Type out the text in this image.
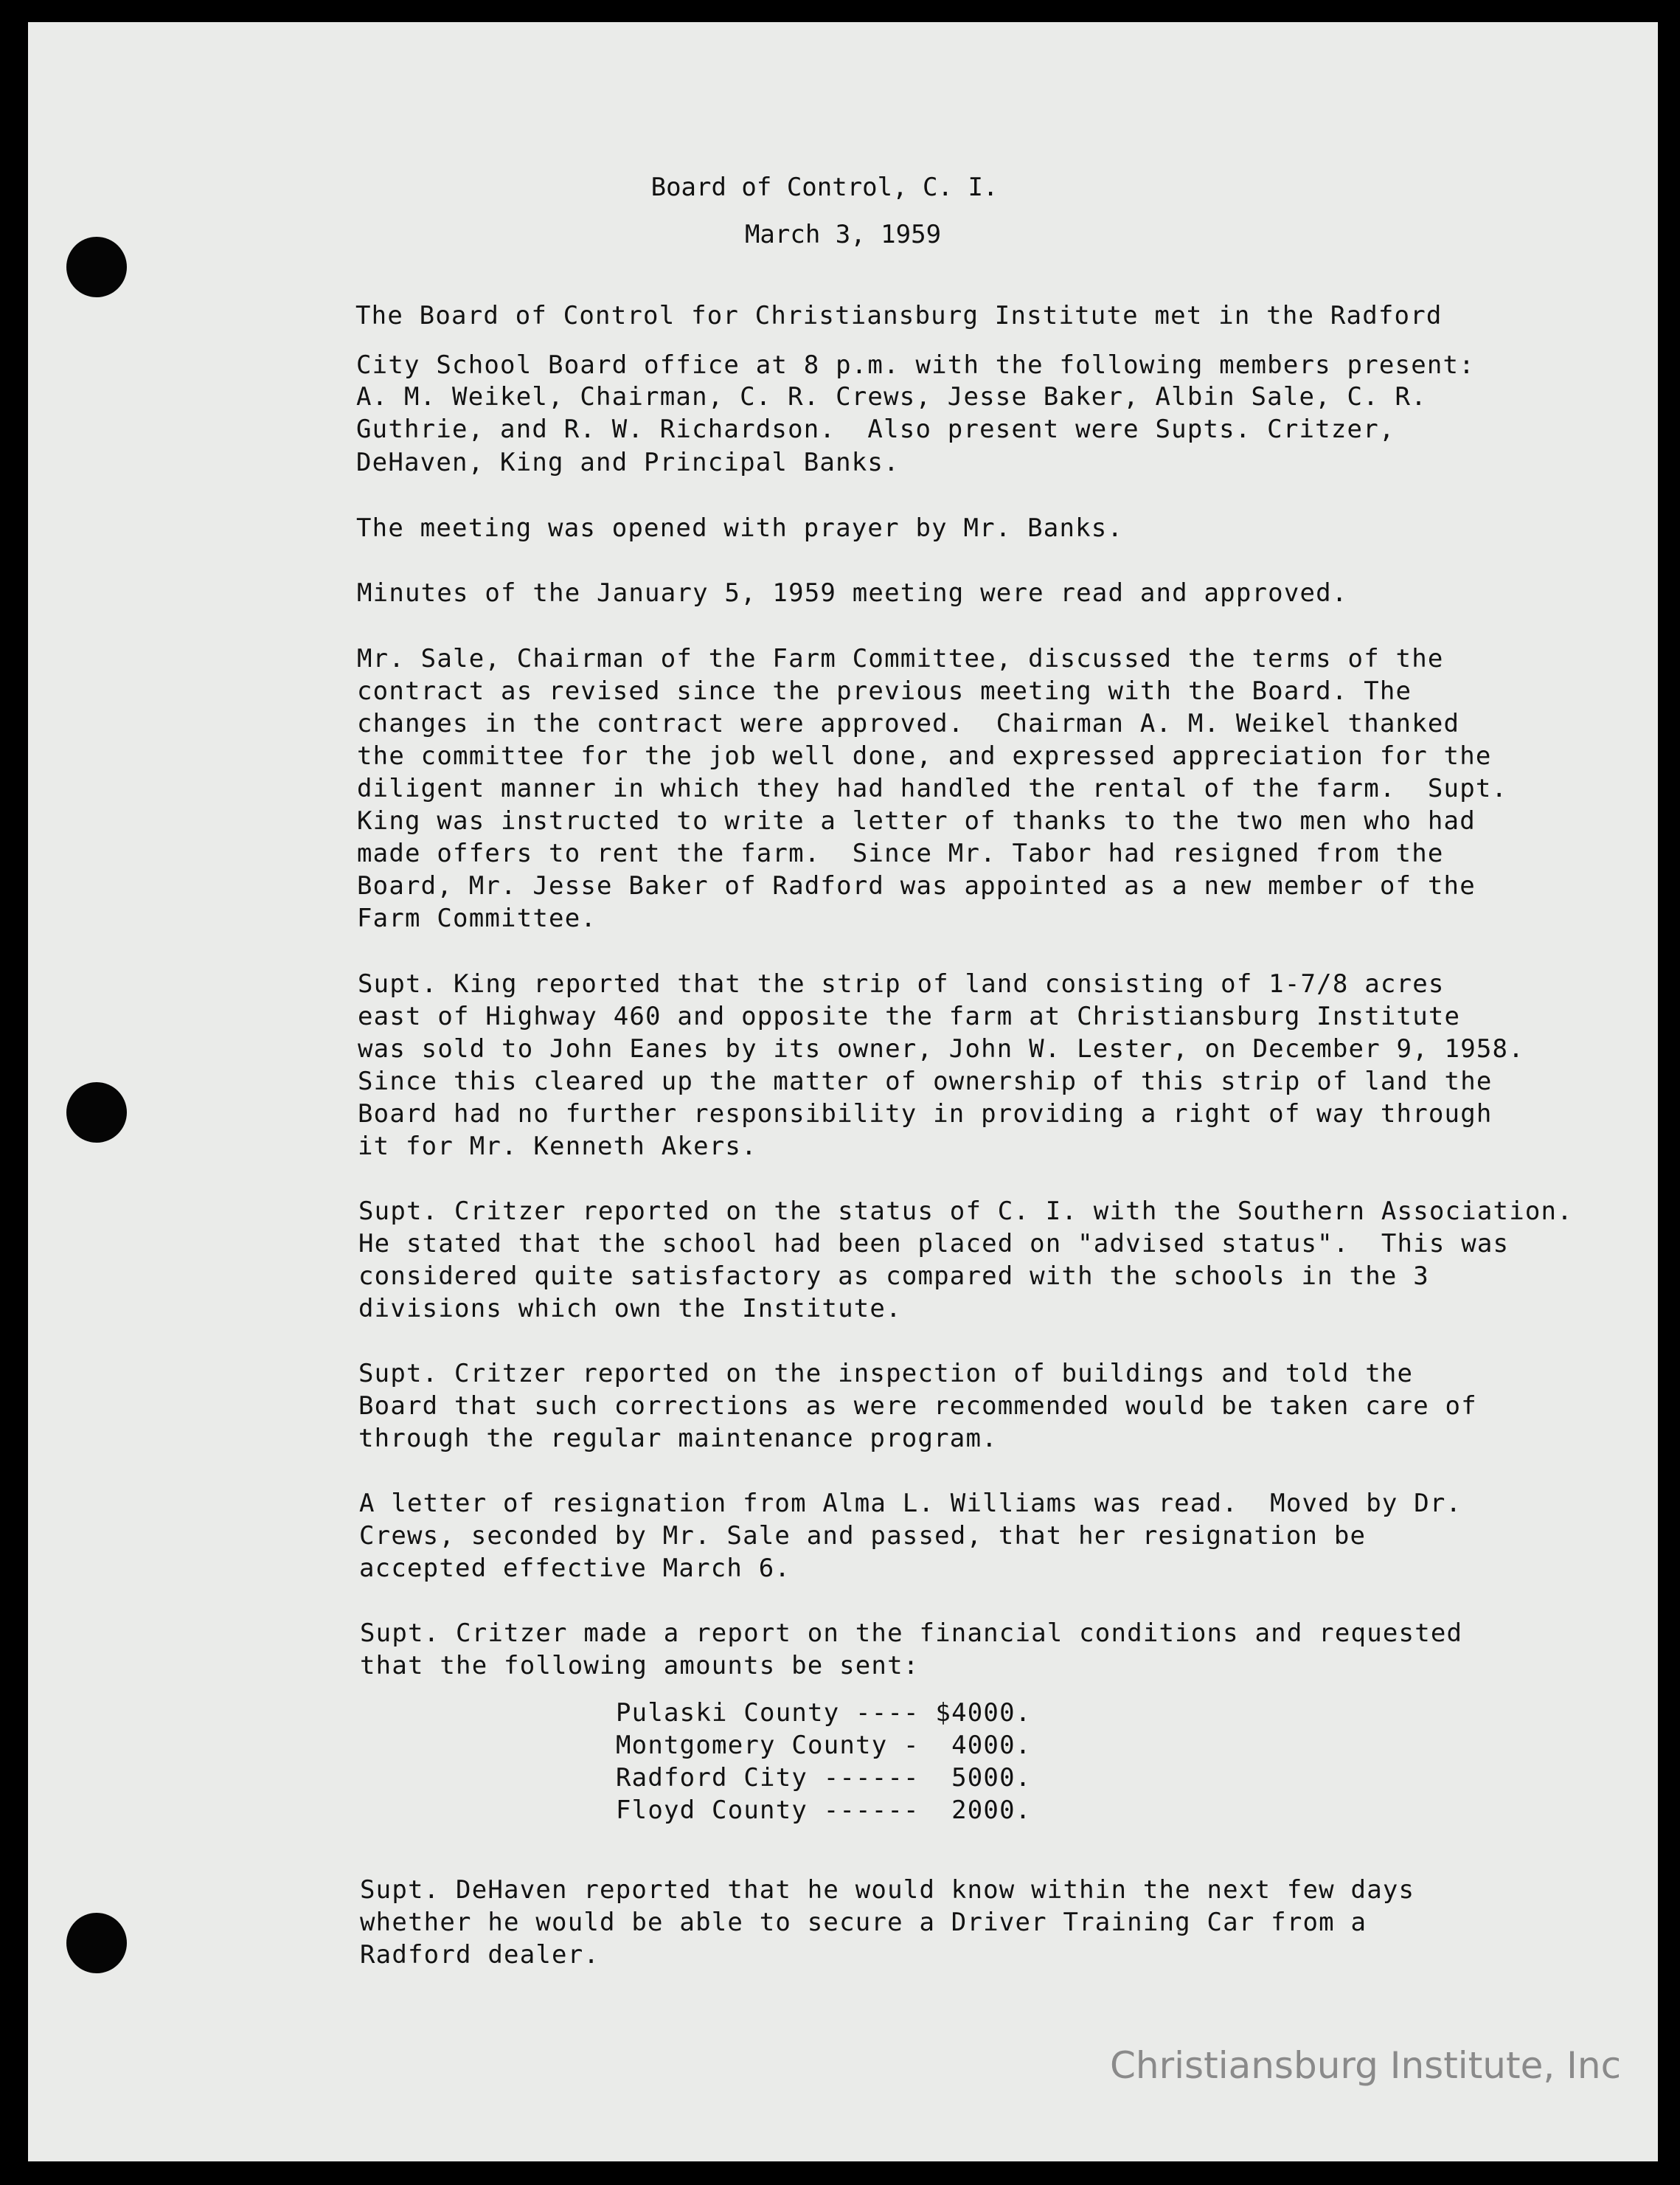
Board of Control, C. I.
March 3, 1959
The Board of Control for Christiansburg Institute met in the Radford
City School Board office at 8 p.m. with the following members present:
A. M. Weikel, Chairman, C. R. Crews, Jesse Baker, Albin Sale, C. R.
Guthrie, and R. W. Richardson.  Also present were Supts. Critzer,
DeHaven, King and Principal Banks.
The meeting was opened with prayer by Mr. Banks.
Minutes of the January 5, 1959 meeting were read and approved.
Mr. Sale, Chairman of the Farm Committee, discussed the terms of the
contract as revised since the previous meeting with the Board. The
changes in the contract were approved.  Chairman A. M. Weikel thanked
the committee for the job well done, and expressed appreciation for the
diligent manner in which they had handled the rental of the farm.  Supt.
King was instructed to write a letter of thanks to the two men who had
made offers to rent the farm.  Since Mr. Tabor had resigned from the
Board, Mr. Jesse Baker of Radford was appointed as a new member of the
Farm Committee.
Supt. King reported that the strip of land consisting of 1-7/8 acres
east of Highway 460 and opposite the farm at Christiansburg Institute
was sold to John Eanes by its owner, John W. Lester, on December 9, 1958.
Since this cleared up the matter of ownership of this strip of land the
Board had no further responsibility in providing a right of way through
it for Mr. Kenneth Akers.
Supt. Critzer reported on the status of C. I. with the Southern Association.
He stated that the school had been placed on "advised status".  This was
considered quite satisfactory as compared with the schools in the 3
divisions which own the Institute.
Supt. Critzer reported on the inspection of buildings and told the
Board that such corrections as were recommended would be taken care of
through the regular maintenance program.
A letter of resignation from Alma L. Williams was read.  Moved by Dr.
Crews, seconded by Mr. Sale and passed, that her resignation be
accepted effective March 6.
Supt. Critzer made a report on the financial conditions and requested
that the following amounts be sent:
Pulaski County ---- $4000.
Montgomery County -  4000.
Radford City ------  5000.
Floyd County ------  2000.
Supt. DeHaven reported that he would know within the next few days
whether he would be able to secure a Driver Training Car from a
Radford dealer.
Christiansburg Institute, Inc
